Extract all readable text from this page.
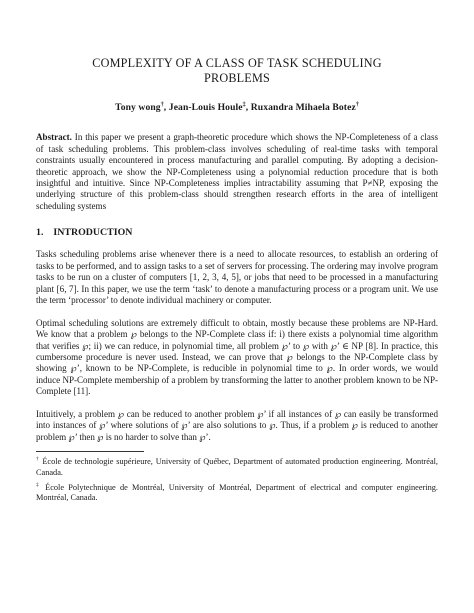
COMPLEXITY OF A CLASS OF TASK SCHEDULING PROBLEMS
Tony wong†, Jean-Louis Houle‡, Ruxandra Mihaela Botez†

Abstract. In this paper we present a graph-theoretic procedure which shows the NP-Completeness of a class of task scheduling problems. This problem-class involves scheduling of real-time tasks with temporal constraints usually encountered in process manufacturing and parallel computing. By adopting a decision-theoretic approach, we show the NP-Completeness using a polynomial reduction procedure that is both insightful and intuitive. Since NP-Completeness implies intractability assuming that P≠NP, exposing the underlying structure of this problem-class should strengthen research efforts in the area of intelligent scheduling systems

1. INTRODUCTION

Tasks scheduling problems arise whenever there is a need to allocate resources, to establish an ordering of tasks to be performed, and to assign tasks to a set of servers for processing. The ordering may involve program tasks to be run on a cluster of computers [1, 2, 3, 4, 5], or jobs that need to be processed in a manufacturing plant [6, 7]. In this paper, we use the term ‘task’ to denote a manufacturing process or a program unit. We use the term ‘processor’ to denote individual machinery or computer.

Optimal scheduling solutions are extremely difficult to obtain, mostly because these problems are NP-Hard. We know that a problem ℘ belongs to the NP-Complete class if: i) there exists a polynomial time algorithm that verifies ℘; ii) we can reduce, in polynomial time, all problem ℘’ to ℘ with ℘’ ∈ NP [8]. In practice, this cumbersome procedure is never used. Instead, we can prove that ℘ belongs to the NP-Complete class by showing ℘’, known to be NP-Complete, is reducible in polynomial time to ℘. In order words, we would induce NP-Complete membership of a problem by transforming the latter to another problem known to be NP-Complete [11].

Intuitively, a problem ℘ can be reduced to another problem ℘’ if all instances of ℘ can easily be transformed into instances of ℘’ where solutions of ℘’ are also solutions to ℘. Thus, if a problem ℘ is reduced to another problem ℘’ then ℘ is no harder to solve than ℘’.

† École de technologie supérieure, University of Québec, Department of automated production engineering. Montréal, Canada.

‡ École Polytechnique de Montréal, University of Montréal, Department of electrical and computer engineering. Montréal, Canada.
